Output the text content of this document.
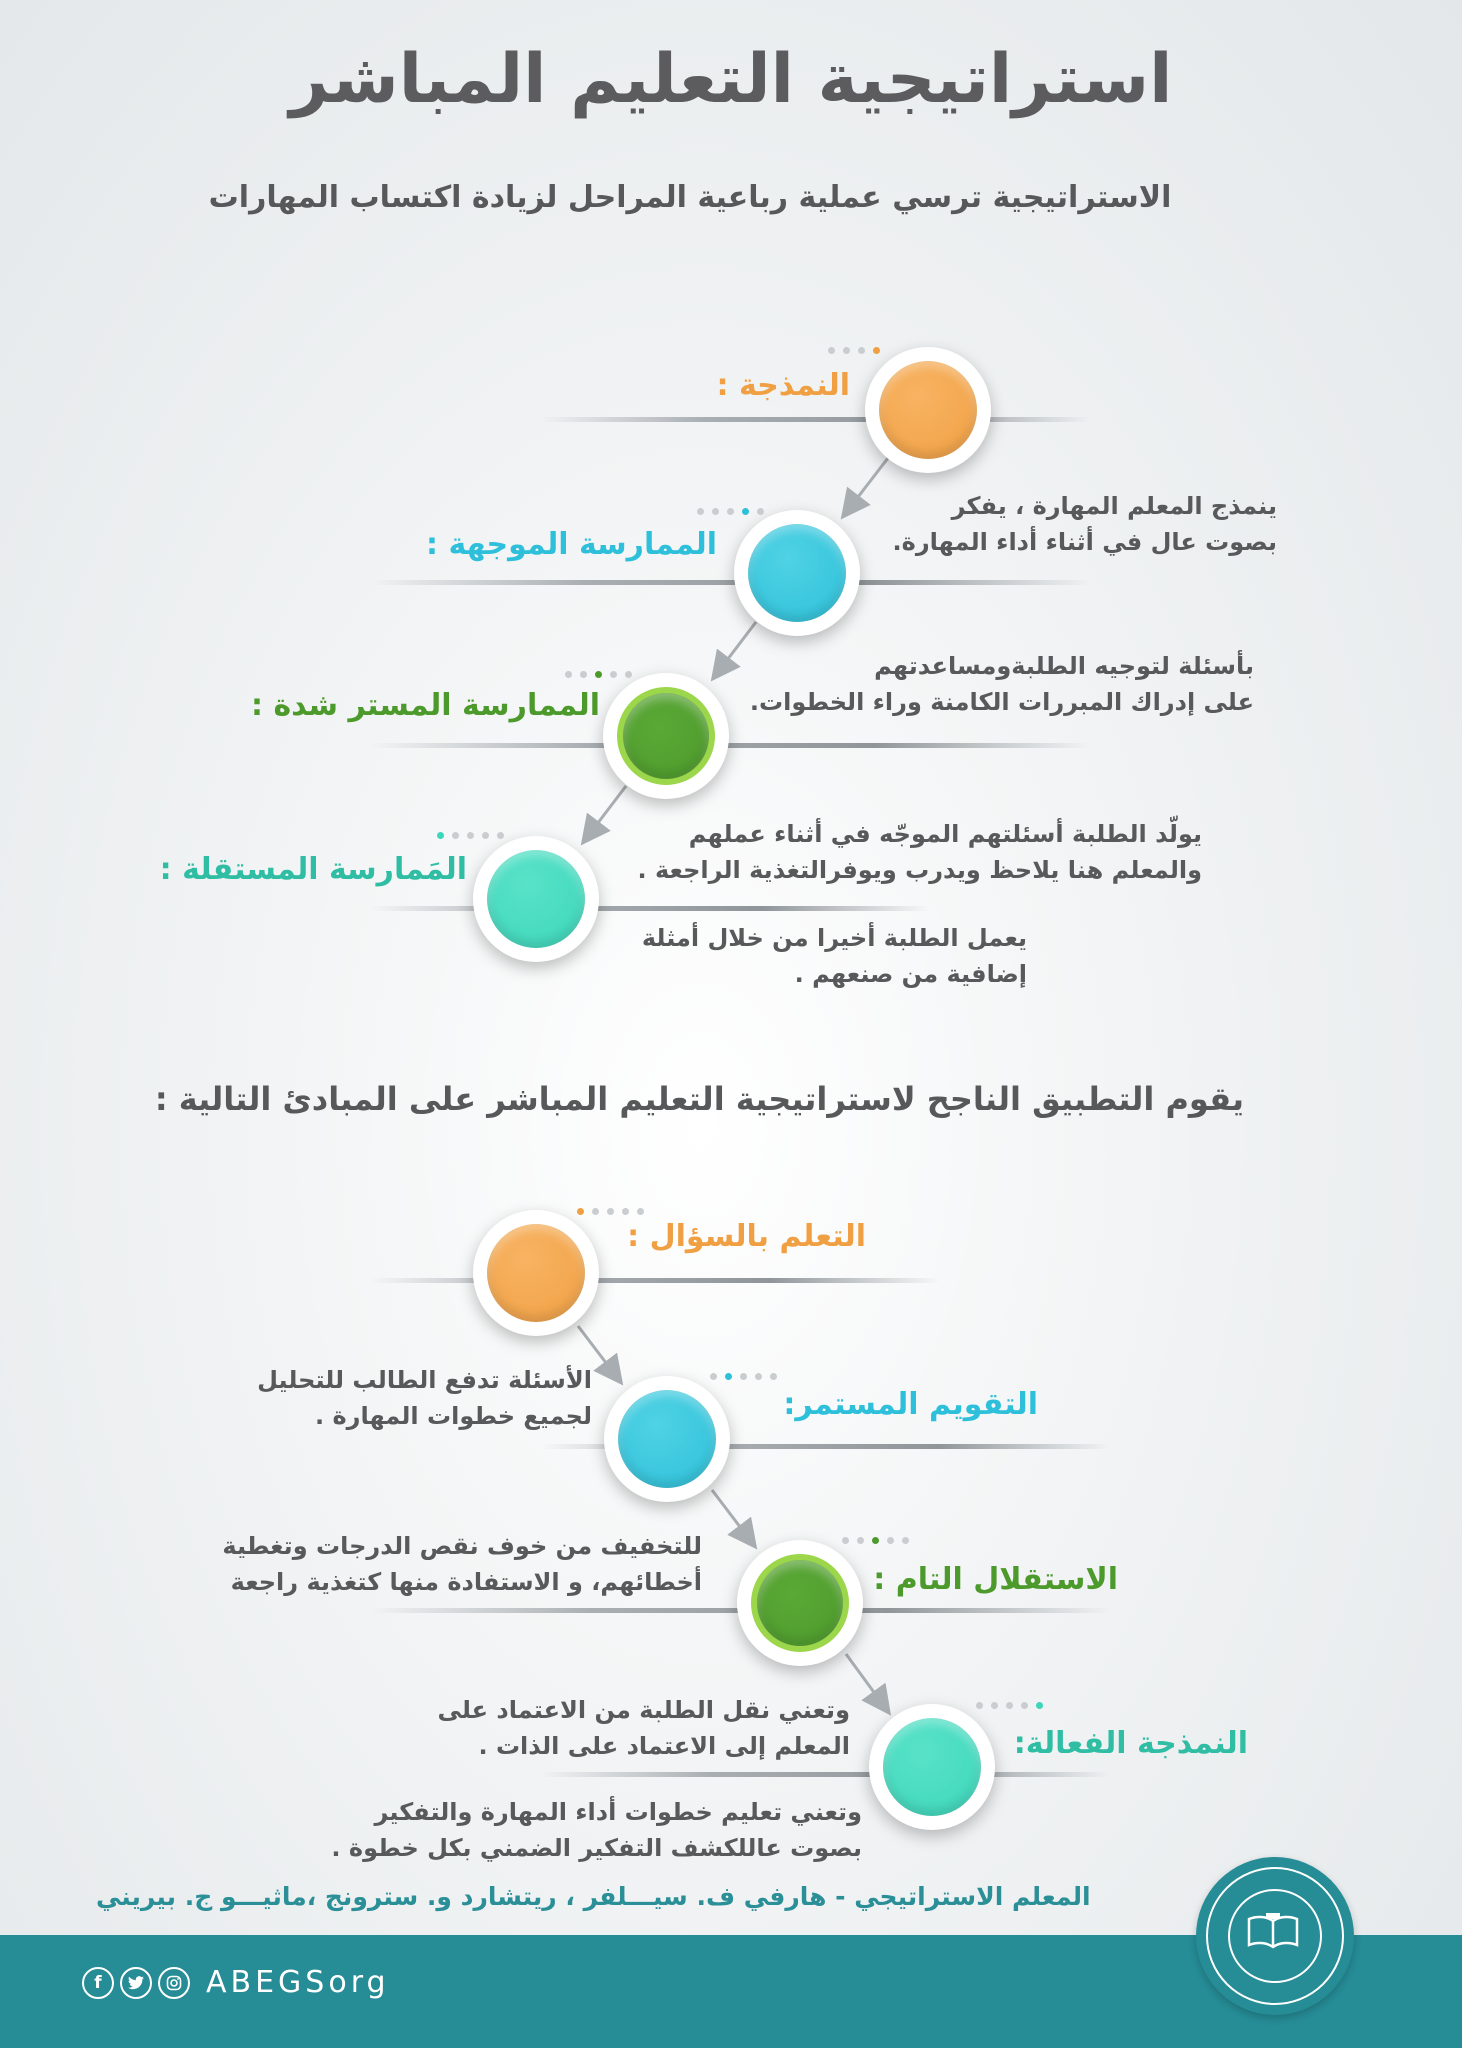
استراتيجية التعليم المباشر
الاستراتيجية ترسي عملية رباعية المراحل لزيادة اكتساب المهارات
النمذجة :
ينمذج المعلم المهارة ، يفكر
بصوت عال في أثناء أداء المهارة.
الممارسة الموجهة :
بأسئلة لتوجيه الطلبةومساعدتهم
على إدراك المبررات الكامنة وراء الخطوات.
الممارسة المستر شدة :
يولّد الطلبة أسئلتهم الموجّه في أثناء عملهم
والمعلم هنا يلاحظ ويدرب ويوفرالتغذية الراجعة .
المَمارسة المستقلة :
يعمل الطلبة أخيرا من خلال أمثلة
إضافية من صنعهم .
يقوم التطبيق الناجح لاستراتيجية التعليم المباشر على المبادئ التالية :
التعلم بالسؤال :
الأسئلة تدفع الطالب للتحليل
لجميع خطوات المهارة .	التقويم المستمر:
للتخفيف من خوف نقص الدرجات وتغطية
أخطائهم، و الاستفادة منها كتغذية راجعة	الاستقلال التام :
النمذجة الفعالة:
وتعني نقل الطلبة من الاعتماد على
المعلم إلى الاعتماد على الذات .
وتعني تعليم خطوات أداء المهارة والتفكير
بصوت عاللكشف التفكير الضمني بكل خطوة .
المعلم الاستراتيجي - هارفي ف. سيـــلفر ، ريتشارد و. سترونج ،ماثيـــو ج. بيريني
f	ABEGSorg
